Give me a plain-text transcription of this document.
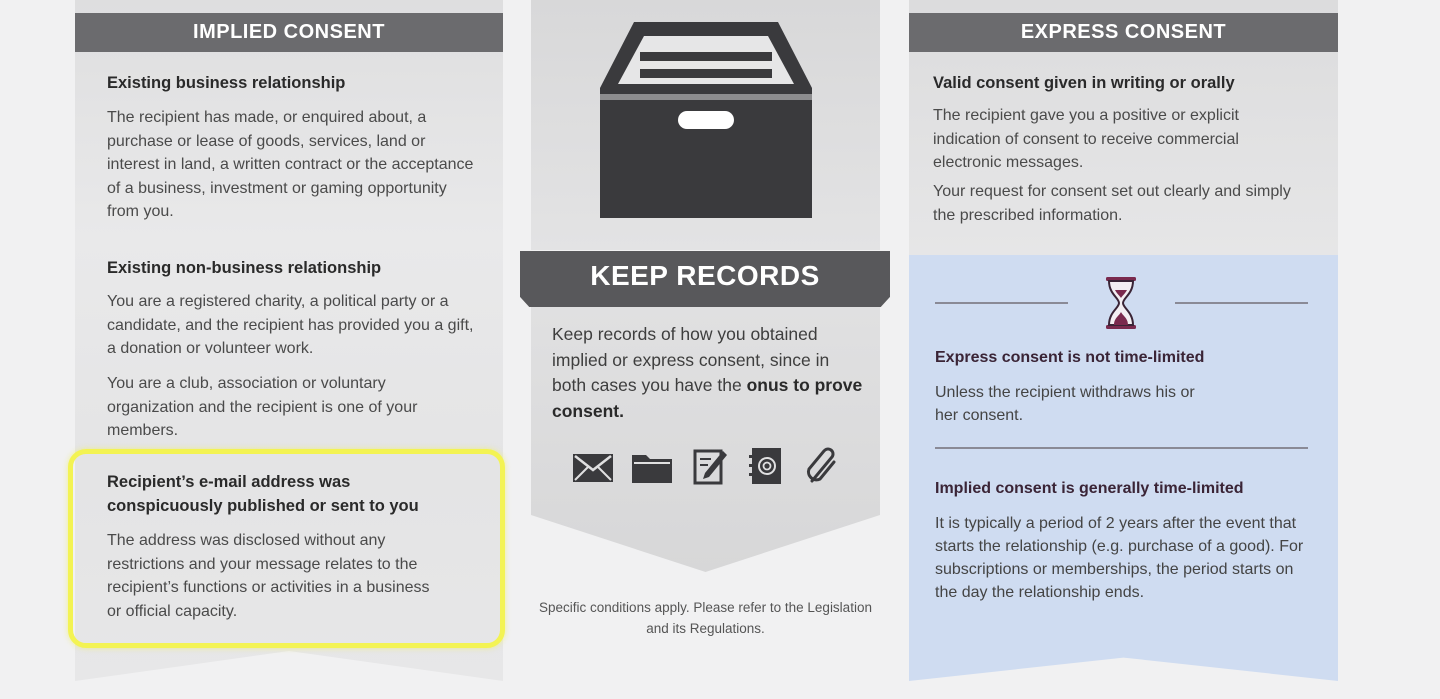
IMPLIED CONSENT
Existing business relationship
The recipient has made, or enquired about, a purchase or lease of goods, services, land or interest in land, a written contract or the acceptance of a business, investment or gaming opportunity from you.
Existing non-business relationship
You are a registered charity, a political party or a candidate, and the recipient has provided you a gift, a donation or volunteer work.
You are a club, association or voluntary organization and the recipient is one of your members.
Recipient’s e-mail address was conspicuously published or sent to you
The address was disclosed without any restrictions and your message relates to the recipient’s functions or activities in a business or official capacity.
KEEP RECORDS
Keep records of how you obtained implied or express consent, since in both cases you have the onus to prove consent.
Specific conditions apply. Please refer to the Legislation and its Regulations.
EXPRESS CONSENT
Valid consent given in writing or orally
The recipient gave you a positive or explicit indication of consent to receive commercial electronic messages.
Your request for consent set out clearly and simply the prescribed information.
Express consent is not time-limited
Unless the recipient withdraws his or her consent.
Implied consent is generally time-limited
It is typically a period of 2 years after the event that starts the relationship (e.g. purchase of a good). For subscriptions or memberships, the period starts on the day the relationship ends.
